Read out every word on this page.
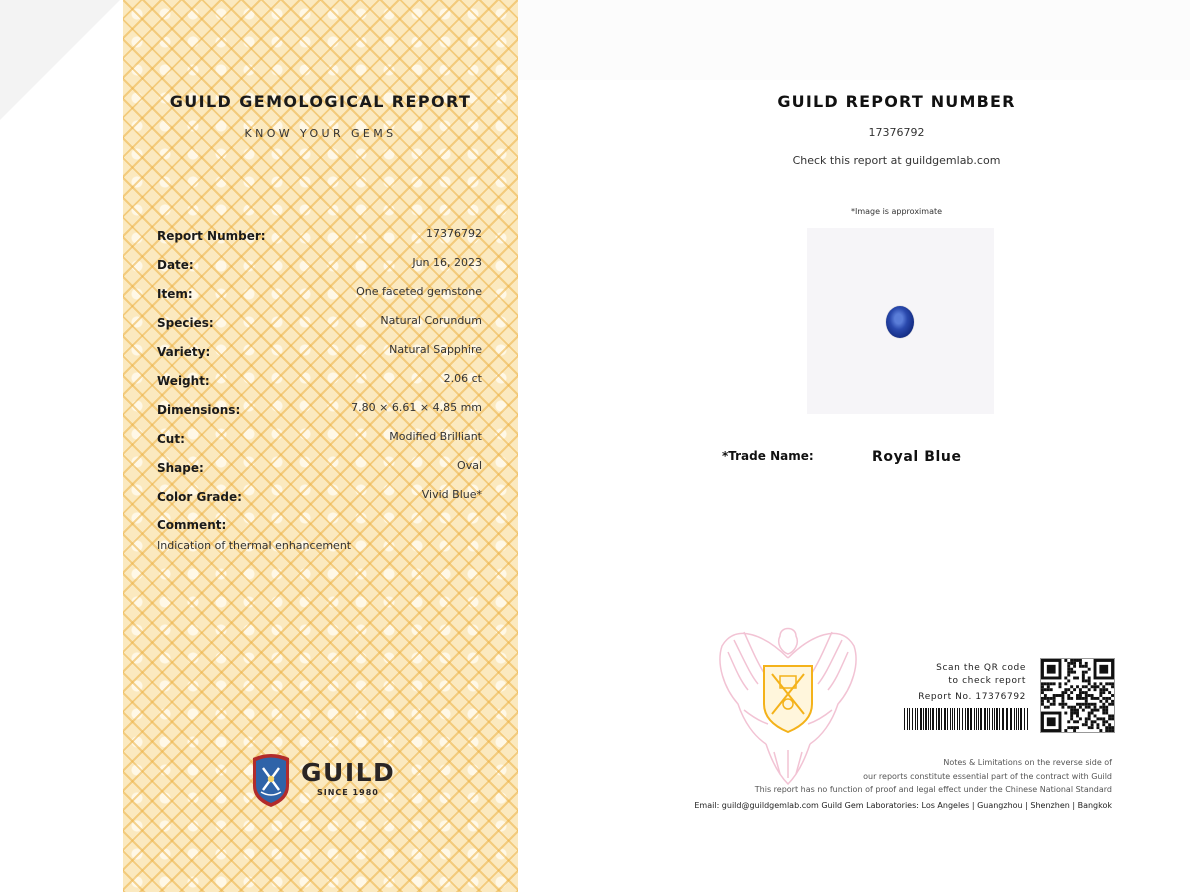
GUILD GEMOLOGICAL REPORT
KNOW YOUR GEMS
Report Number:	17376792
Date:	Jun 16, 2023
Item:	One faceted gemstone
Species:	Natural Corundum
Variety:	Natural Sapphire
Weight:	2.06 ct
Dimensions:	7.80 × 6.61 × 4.85 mm
Cut:	Modified Brilliant
Shape:	Oval
Color Grade:	Vivid Blue*
Comment:
Indication of thermal enhancement
GUILD
SINCE 1980
GUILD REPORT NUMBER
17376792
Check this report at guildgemlab.com
*Image is approximate
*Trade Name:	Royal Blue
Scan the QR code
to check report
Report No. 17376792
Notes & Limitations on the reverse side of
our reports constitute essential part of the contract with Guild
This report has no function of proof and legal effect under the Chinese National Standard
Email: guild@guildgemlab.com Guild Gem Laboratories: Los Angeles | Guangzhou | Shenzhen | Bangkok
